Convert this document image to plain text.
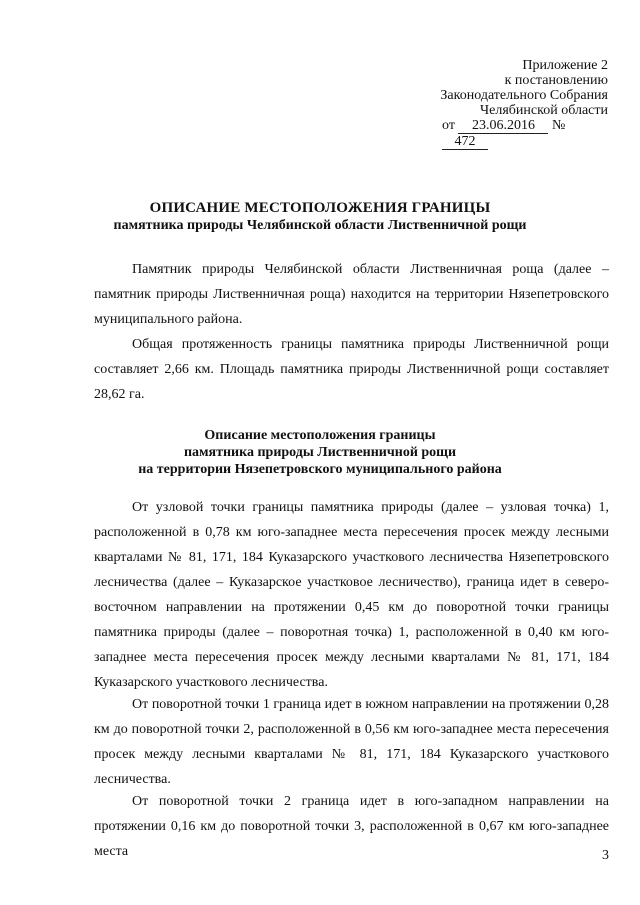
Приложение 2
к постановлению
Законодательного Собрания
Челябинской области
от 23.06.2016 № 472

ОПИСАНИЕ МЕСТОПОЛОЖЕНИЯ ГРАНИЦЫ

памятника природы Челябинской области Лиственничной рощи

Памятник природы Челябинской области Лиственничная роща (далее – памятник природы Лиственничная роща) находится на территории Нязепетровского муниципального района.

Общая протяженность границы памятника природы Лиственничной рощи составляет 2,66 км. Площадь памятника природы Лиственничной рощи составляет 28,62 га.

Описание местоположения границы

памятника природы Лиственничной рощи

на территории Нязепетровского муниципального района

От узловой точки границы памятника природы (далее – узловая точка) 1, расположенной в 0,78 км юго-западнее места пересечения просек между лесными кварталами № 81, 171, 184 Куказарского участкового лесничества Нязепетровского лесничества (далее – Куказарское участковое лесничество), граница идет в северо-восточном направлении на протяжении 0,45 км до поворотной точки границы памятника природы (далее – поворотная точка) 1, расположенной в 0,40 км юго-западнее места пересечения просек между лесными кварталами № 81, 171, 184 Куказарского участкового лесничества.

От поворотной точки 1 граница идет в южном направлении на протяжении 0,28 км до поворотной точки 2, расположенной в 0,56 км юго-западнее места пересечения просек между лесными кварталами № 81, 171, 184 Куказарского участкового лесничества.

От поворотной точки 2 граница идет в юго-западном направлении на протяжении 0,16 км до поворотной точки 3, расположенной в 0,67 км юго-западнее места	3
